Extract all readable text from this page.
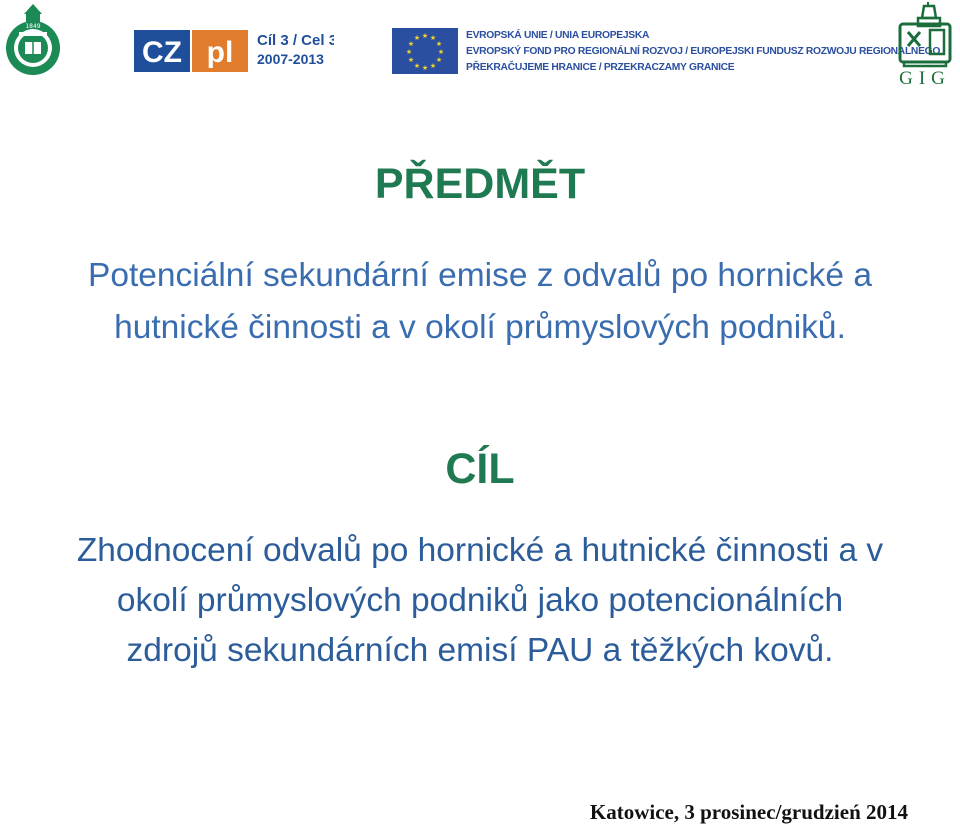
1849
CZ pl Cíl 3 / Cel 3
2007-2013
★ ★
★
★
★
★
★
★
★
★
★
★	EVROPSKÁ UNIE / UNIA EUROPEJSKA
EVROPSKÝ FOND PRO REGIONÁLNÍ ROZVOJ / EUROPEJSKI FUNDUSZ ROZWOJU REGIONALNEGO
PŘEKRAČUJEME HRANICE / PRZEKRACZAMY GRANICE
GIG
PŘEDMĚT

Potenciální sekundární emise z odvalů po hornické a
hutnické činnosti a v okolí průmyslových podniků.

CÍL

Zhodnocení odvalů po hornické a hutnické činnosti a v
okolí průmyslových podniků jako potencionálních
zdrojů sekundárních emisí PAU a těžkých kovů.

Katowice, 3 prosinec/grudzień 2014
